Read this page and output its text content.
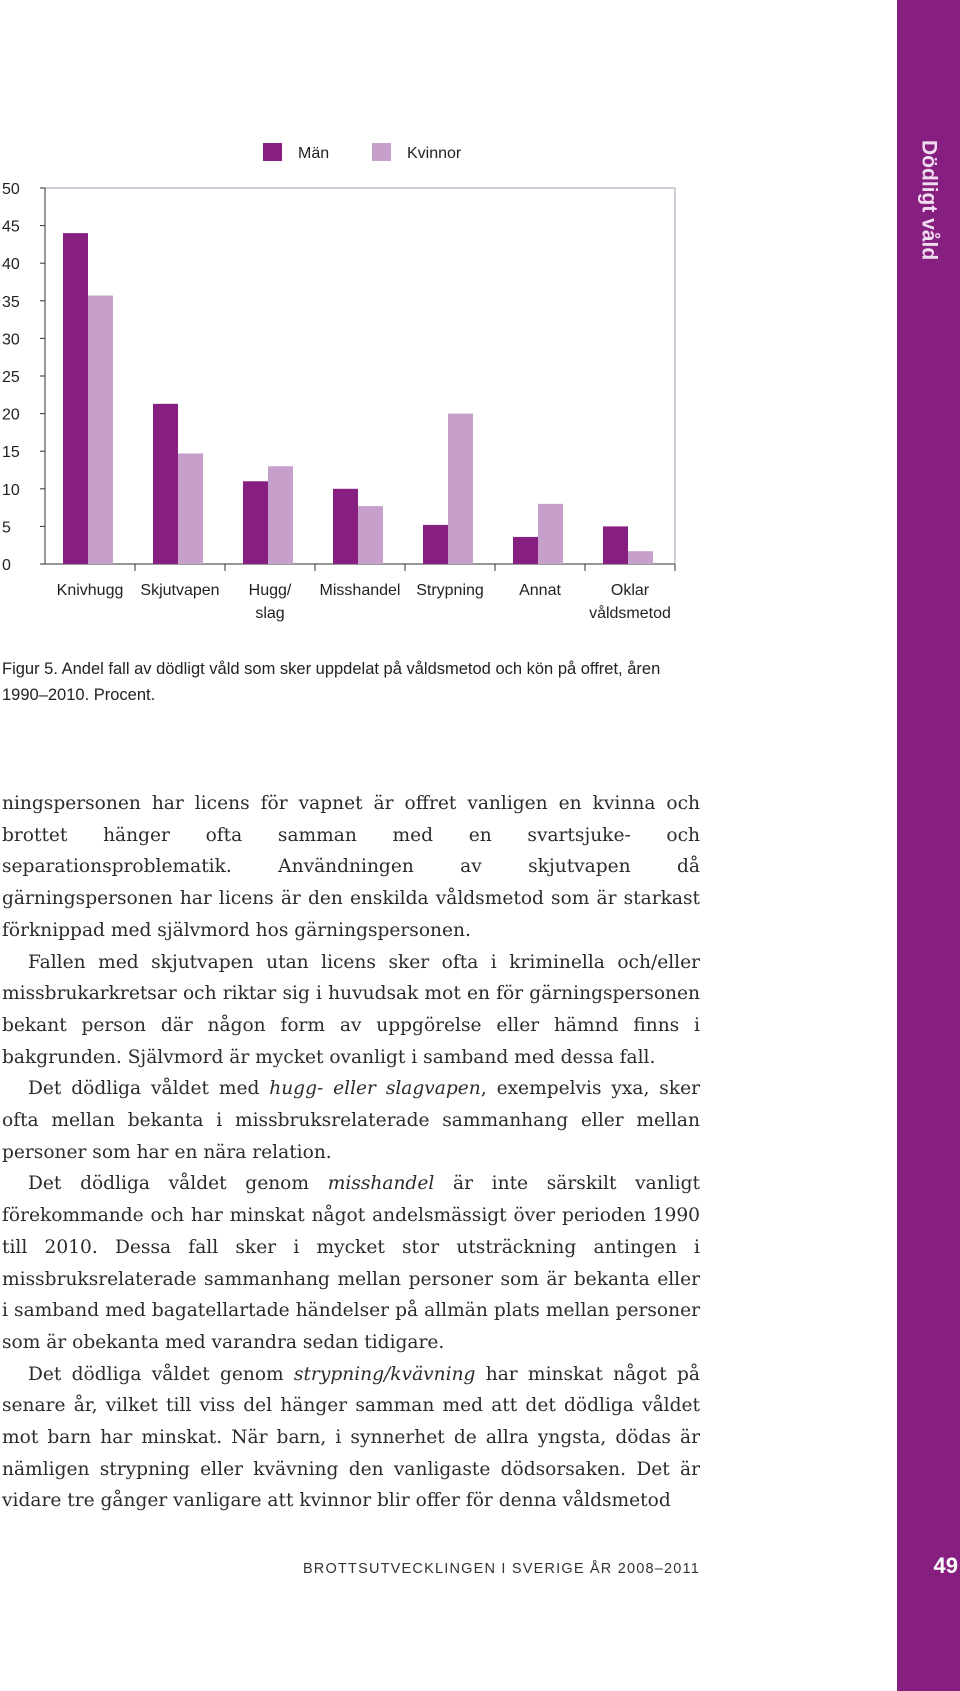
Dödligt våld
49
0
5
10
15
20
25
30
35
40
45
50
Knivhugg Skjutvapen Hugg/
slag
Misshandel Strypning Annat	Oklar
våldsmetod
Män	Kvinnor
Figur 5. Andel fall av dödligt våld som sker uppdelat på våldsmetod och kön på offret, åren 1990–2010. Procent.

ningspersonen har licens för vapnet är offret vanligen en kvinna och brottet hänger ofta samman med en svartsjuke- och separationsproblematik. Användningen av skjutvapen då gärningspersonen har licens är den enskilda våldsmetod som är starkast förknippad med självmord hos gärningspersonen.

Fallen med skjutvapen utan licens sker ofta i kriminella och/eller missbrukarkretsar och riktar sig i huvudsak mot en för gärningspersonen bekant person där någon form av uppgörelse eller hämnd finns i bakgrunden. Självmord är mycket ovanligt i samband med dessa fall.

Det dödliga våldet med hugg- eller slagvapen, exempelvis yxa, sker ofta mellan bekanta i missbruksrelaterade sammanhang eller mellan personer som har en nära relation.

Det dödliga våldet genom misshandel är inte särskilt vanligt förekommande och har minskat något andelsmässigt över perioden 1990 till 2010. Dessa fall sker i mycket stor utsträckning antingen i missbruksrelaterade sammanhang mellan personer som är bekanta eller i samband med bagatellartade händelser på allmän plats mellan personer som är obekanta med varandra sedan tidigare.

Det dödliga våldet genom strypning/kvävning har minskat något på senare år, vilket till viss del hänger samman med att det dödliga våldet mot barn har minskat. När barn, i synnerhet de allra yngsta, dödas är nämligen strypning eller kvävning den vanligaste dödsorsaken. Det är vidare tre gånger vanligare att kvinnor blir offer för denna våldsmetod

BROTTSUTVECKLINGEN I SVERIGE ÅR 2008–2011
